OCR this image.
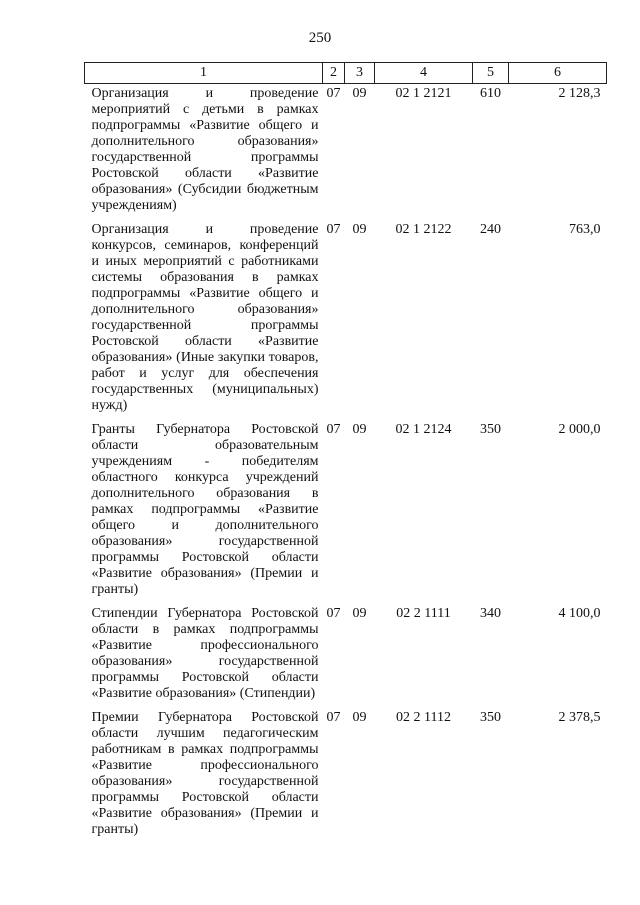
250
1	2	3	4	5	6
Организация и проведение мероприятий с детьми в рамках подпрограммы «Развитие общего и дополнительного образования» государственной программы Ростовской области «Развитие образования» (Субсидии бюджетным учреждениям)	07	09	02 1 2121	610	2 128,3
Организация и проведение конкурсов, семинаров, конференций и иных мероприятий с работниками системы образования в рамках подпрограммы «Развитие общего и дополнительного образования» государственной программы Ростовской области «Развитие образования» (Иные закупки товаров, работ и услуг для обеспечения государственных (муниципальных) нужд)	07	09	02 1 2122	240	763,0
Гранты Губернатора Ростовской области образовательным учреждениям - победителям областного конкурса учреждений дополнительного образования в рамках подпрограммы «Развитие общего и дополнительного образования» государственной программы Ростовской области «Развитие образования» (Премии и гранты)	07	09	02 1 2124	350	2 000,0
Стипендии Губернатора Ростовской области в рамках подпрограммы «Развитие профессионального образования» государственной программы Ростовской области «Развитие образования» (Стипендии)	07	09	02 2 1111	340	4 100,0
Премии Губернатора Ростовской области лучшим педагогическим работникам в рамках подпрограммы «Развитие профессионального образования» государственной программы Ростовской области «Развитие образования» (Премии и гранты)	07	09	02 2 1112	350	2 378,5
